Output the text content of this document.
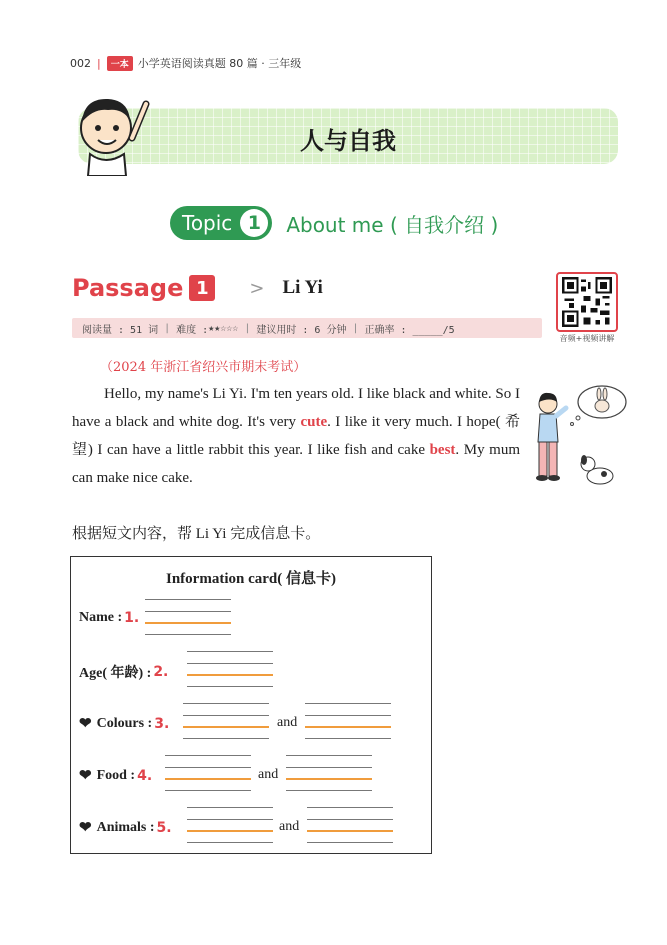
002 |	一本 小学英语阅读真题 80 篇 · 三年级
人与自我
Topic 1	About me ( 自我介绍 )
Passage 1	> Li Yi
音频+视频讲解
阅读量 : 51 词 | 难度 : ★★☆☆☆ | 建议用时 : 6 分钟 | 正确率 : _____/5
（2024 年浙江省绍兴市期末考试）

Hello, my name's Li Yi. I'm ten years old. I like black and white. So I have a black and white dog. It's very cute. I like it very much. I hope( 希望) I can have a little rabbit this year. I like fish and cake best. My mum can make nice cake.

根据短文内容，帮 Li Yi 完成信息卡。
Information card( 信息卡)
Name : 1.
Age( 年龄) : 2.
❤ Colours : 3.	and
❤ Food : 4.	and
❤ Animals : 5.	and
